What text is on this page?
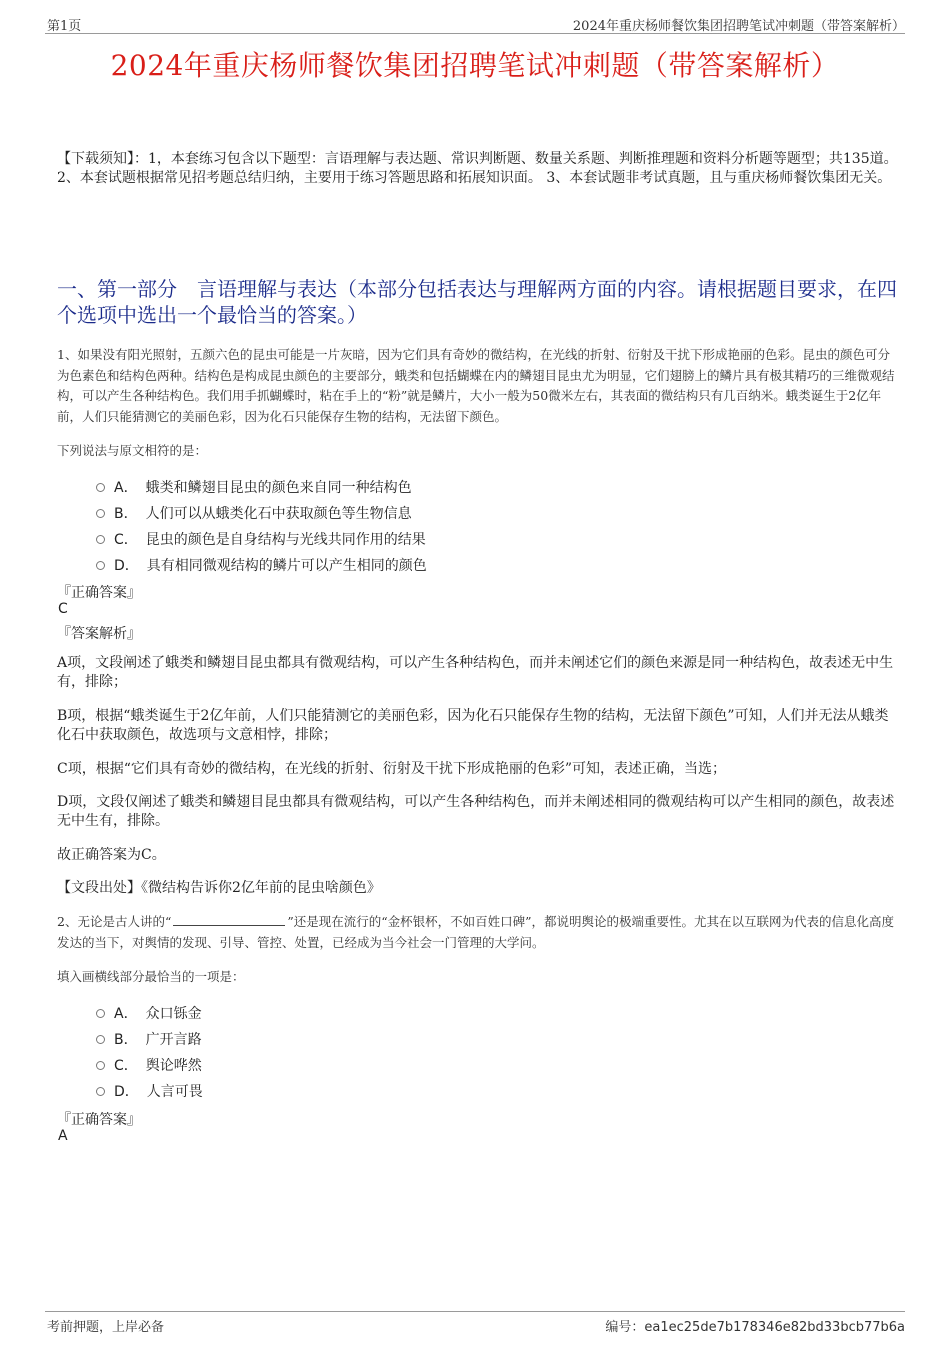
第1页	2024年重庆杨师餐饮集团招聘笔试冲刺题（带答案解析）
2024年重庆杨师餐饮集团招聘笔试冲刺题（带答案解析）
【下载须知】：1，本套练习包含以下题型：言语理解与表达题、常识判断题、数量关系题、判断推理题和资料分析题等题型；共135道。 2、本套试题根据常见招考题总结归纳，主要用于练习答题思路和拓展知识面。 3、本套试题非考试真题，且与重庆杨师餐饮集团无关。
一、第一部分　言语理解与表达（本部分包括表达与理解两方面的内容。请根据题目要求，在四个选项中选出一个最恰当的答案。）
1、如果没有阳光照射，五颜六色的昆虫可能是一片灰暗，因为它们具有奇妙的微结构，在光线的折射、衍射及干扰下形成艳丽的色彩。昆虫的颜色可分为色素色和结构色两种。结构色是构成昆虫颜色的主要部分，蛾类和包括蝴蝶在内的鳞翅目昆虫尤为明显，它们翅膀上的鳞片具有极其精巧的三维微观结构，可以产生各种结构色。我们用手抓蝴蝶时，粘在手上的“粉”就是鳞片，大小一般为50微米左右，其表面的微结构只有几百纳米。蛾类诞生于2亿年前，人们只能猜测它的美丽色彩，因为化石只能保存生物的结构，无法留下颜色。
下列说法与原文相符的是：
A． 蛾类和鳞翅目昆虫的颜色来自同一种结构色
B． 人们可以从蛾类化石中获取颜色等生物信息
C． 昆虫的颜色是自身结构与光线共同作用的结果
D． 具有相同微观结构的鳞片可以产生相同的颜色
『正确答案』
C
『答案解析』
A项，文段阐述了蛾类和鳞翅目昆虫都具有微观结构，可以产生各种结构色，而并未阐述它们的颜色来源是同一种结构色，故表述无中生有，排除；
B项，根据“蛾类诞生于2亿年前，人们只能猜测它的美丽色彩，因为化石只能保存生物的结构，无法留下颜色”可知，人们并无法从蛾类化石中获取颜色，故选项与文意相悖，排除；
C项，根据“它们具有奇妙的微结构，在光线的折射、衍射及干扰下形成艳丽的色彩”可知，表述正确，当选；
D项，文段仅阐述了蛾类和鳞翅目昆虫都具有微观结构，可以产生各种结构色，而并未阐述相同的微观结构可以产生相同的颜色，故表述无中生有，排除。
故正确答案为C。
【文段出处】《微结构告诉你2亿年前的昆虫啥颜色》
2、无论是古人讲的“	”还是现在流行的“金杯银杯，不如百姓口碑”，都说明舆论的极端重要性。尤其在以互联网为代表的信息化高度发达的当下，对舆情的发现、引导、管控、处置，已经成为当今社会一门管理的大学问。
填入画横线部分最恰当的一项是：
A． 众口铄金
B． 广开言路
C． 舆论哗然
D． 人言可畏
『正确答案』
A
考前押题，上岸必备	编号：ea1ec25de7b178346e82bd33bcb77b6a
